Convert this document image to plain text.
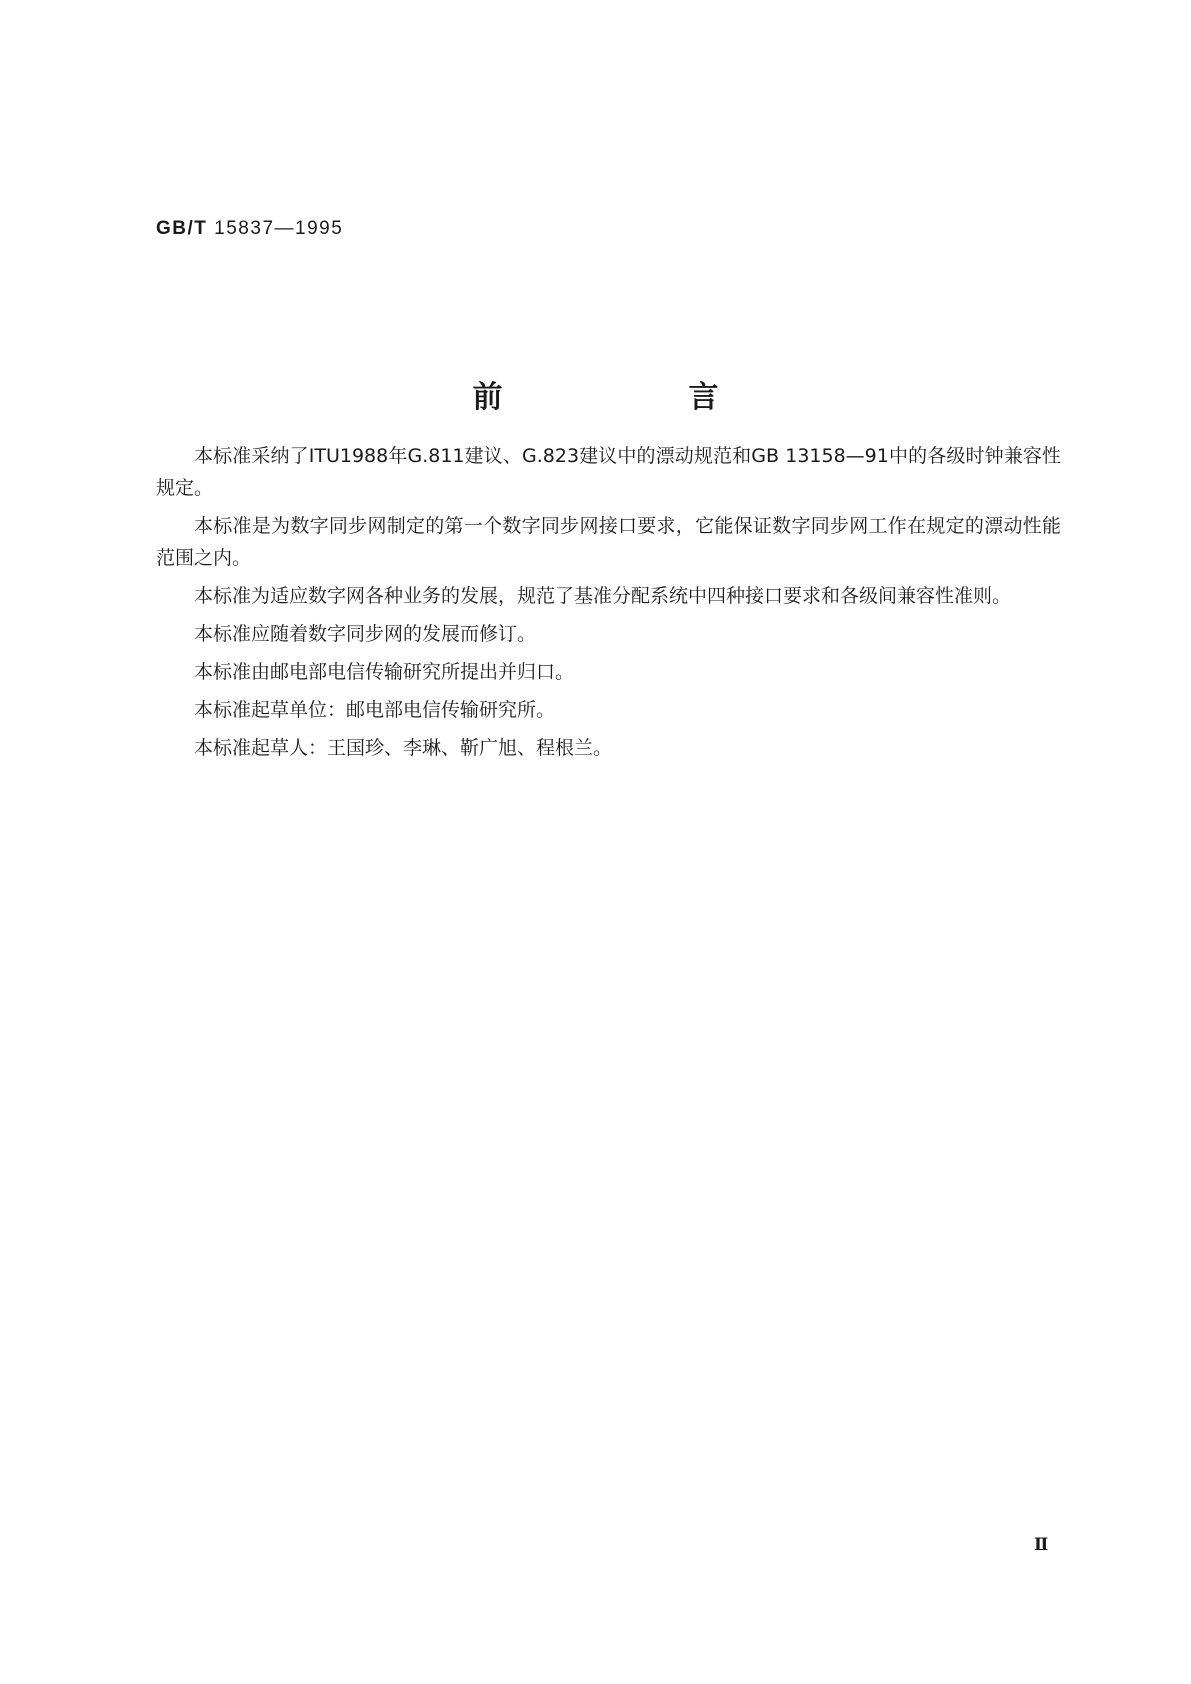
GB/T 15837—1995
前　言

本标准采纳了ITU1988年G.811建议、G.823建议中的漂动规范和GB 13158—91中的各级时钟兼容性规定。

本标准是为数字同步网制定的第一个数字同步网接口要求，它能保证数字同步网工作在规定的漂动性能范围之内。

本标准为适应数字网各种业务的发展，规范了基准分配系统中四种接口要求和各级间兼容性准则。

本标准应随着数字同步网的发展而修订。

本标准由邮电部电信传输研究所提出并归口。

本标准起草单位：邮电部电信传输研究所。

本标准起草人：王国珍、李琳、靳广旭、程根兰。

Ⅱ
